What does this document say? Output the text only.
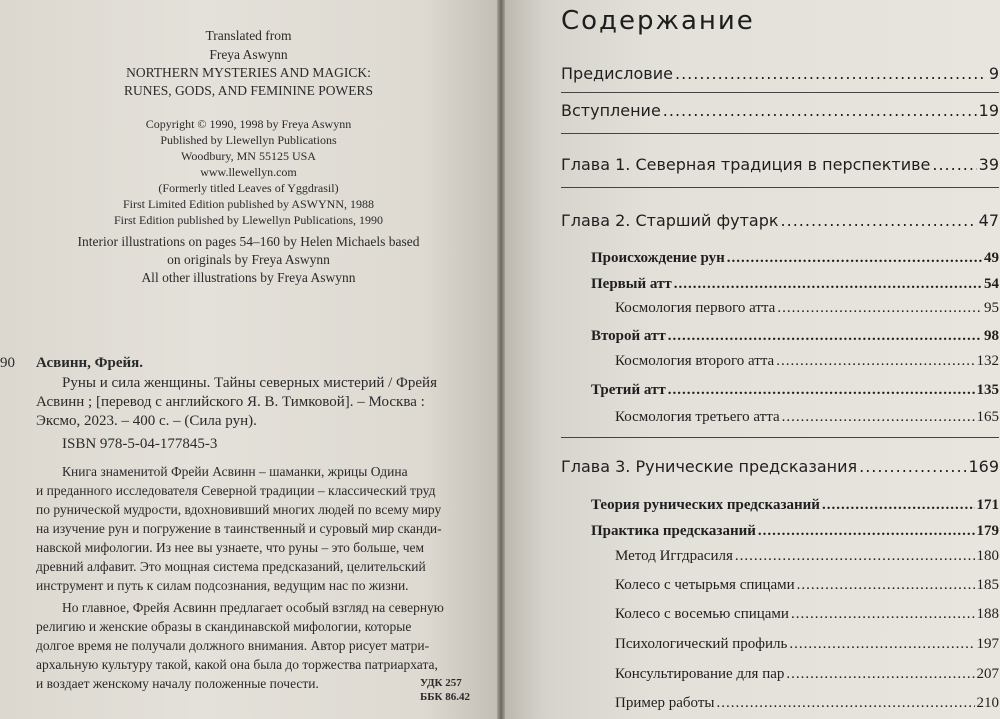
Translated from
Freya Aswynn
NORTHERN MYSTERIES AND MAGICK:
RUNES, GODS, AND FEMININE POWERS
Copyright © 1990, 1998 by Freya Aswynn
Published by Llewellyn Publications
Woodbury, MN 55125 USA
www.llewellyn.com
(Formerly titled Leaves of Yggdrasil)
First Limited Edition published by ASWYNN, 1988
First Edition published by Llewellyn Publications, 1990
Interior illustrations on pages 54–160 by Helen Michaels based
on originals by Freya Aswynn
All other illustrations by Freya Aswynn
90 Асвинн, Фрейя.
Руны и сила женщины. Тайны северных мистерий / Фрейя
Асвинн ; [перевод с английского Я. В. Тимковой]. – Москва :
Эксмо, 2023. – 400 с. – (Сила рун).
ISBN 978-5-04-177845-3
Книга знаменитой Фрейи Асвинн – шаманки, жрицы Одина
и преданного исследователя Северной традиции – классический труд
по рунической мудрости, вдохновивший многих людей по всему миру
на изучение рун и погружение в таинственный и суровый мир сканди-
навской мифологии. Из нее вы узнаете, что руны – это больше, чем
древний алфавит. Это мощная система предсказаний, целительский
инструмент и путь к силам подсознания, ведущим нас по жизни.
Но главное, Фрейя Асвинн предлагает особый взгляд на северную
религию и женские образы в скандинавской мифологии, которые
долгое время не получали должного внимания. Автор рисует матри-
архальную культуру такой, какой она была до торжества патриархата,
и воздает женскому началу положенные почести.	УДК 257
ББК 86.42
Содержание
Предисловие .....	9
Вступление .....	19
Глава 1. Северная традиция в перспективе .....	39
Глава 2. Старший футарк .....	47
Происхождение рун .....	49
Первый атт .....	54
Космология первого атта .....	95
Второй атт .....	98
Космология второго атта .....	132
Третий атт .....	135
Космология третьего атта .....	165
Глава 3. Рунические предсказания .....	169
Теория рунических предсказаний .....	171
Практика предсказаний .....	179
Метод Иггдрасиля .....	180
Колесо с четырьмя спицами .....	185
Колесо с восемью спицами .....	188
Психологический профиль .....	197
Консультирование для пар .....	207
Пример работы .....	210
